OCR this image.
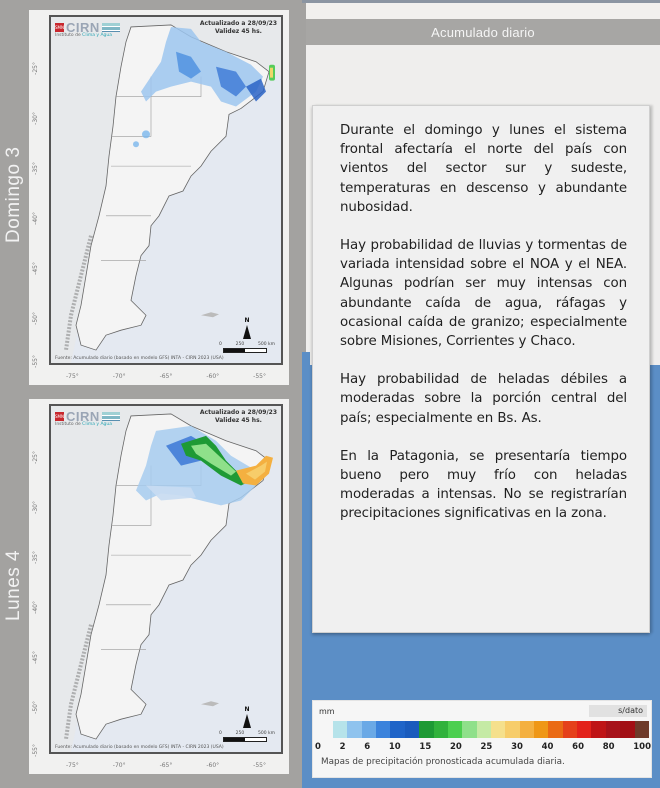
Domingo 3
-25°
-30°
-35°
-40°
-45°
-50°
-55°
SMN CIRN
Instituto de Clima y Agua
Actualizado a 28/09/23
Validez 45 hs.
N
0	250	500 km
Fuente: Acumulado diario (basado en modelo GFS) INTA - CIRN 2023 (USA)
-75°	-70°	-65°	-60°	-55°
Lunes 4
-25°
-30°
-35°
-40°
-45°
-50°
-55°
SMN CIRN
Instituto de Clima y Agua
Actualizado a 28/09/23
Validez 45 hs.
N
0	250	500 km
Fuente: Acumulado diario (basado en modelo GFS) INTA - CIRN 2023 (USA)
-75°	-70°	-65°	-60°	-55°
Acumulado diario

Durante el domingo y lunes el sistema frontal afectaría el norte del país con vientos del sector sur y sudeste, temperaturas en descenso y abundante nubosidad.

Hay probabilidad de lluvias y tormentas de variada intensidad sobre el NOA y el NEA. Algunas podrían ser muy intensas con abundante caída de agua, ráfagas y ocasional caída de granizo; especialmente sobre Misiones, Corrientes y Chaco.

Hay probabilidad de heladas débiles a moderadas sobre la porción central del país; especialmente en Bs. As.

En la Patagonia, se presentaría tiempo bueno pero muy frío con heladas moderadas a intensas. No se registrarían precipitaciones significativas en la zona.

mm	s/dato
0 2 6 10 15 20 25 30 40 60 80 100
Mapas de precipitación pronosticada acumulada diaria.
